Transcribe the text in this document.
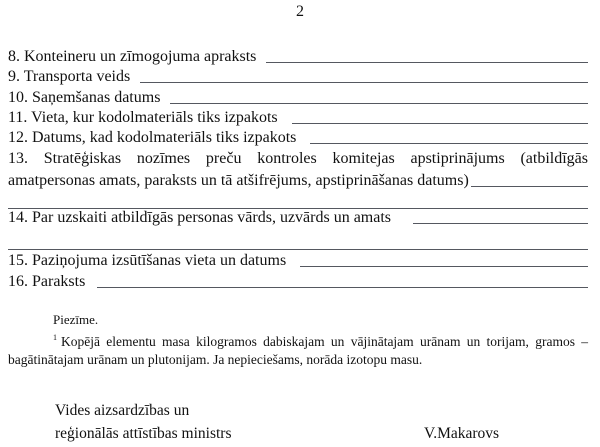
2
8. Konteineru un zīmogojuma apraksts
9. Transporta veids
10. Saņemšanas datums
11. Vieta, kur kodolmateriāls tiks izpakots
12. Datums, kad kodolmateriāls tiks izpakots
13. Stratēģiskas nozīmes preču kontroles komitejas apstiprinājums (atbildīgās
amatpersonas amats, paraksts un tā atšifrējums, apstiprināšanas datums)
14. Par uzskaiti atbildīgās personas vārds, uzvārds un amats
15. Paziņojuma izsūtīšanas vieta un datums
16. Paraksts
Piezīme.
$^1$ Kopējā elementu masa kilogramos dabiskajam un vājinātajam urānam un torijam, gramos – bagātinātajam urānam un plutonijam. Ja nepieciešams, norāda izotopu masu.
Vides aizsardzības un
reģionālās attīstības ministrs	V.Makarovs
